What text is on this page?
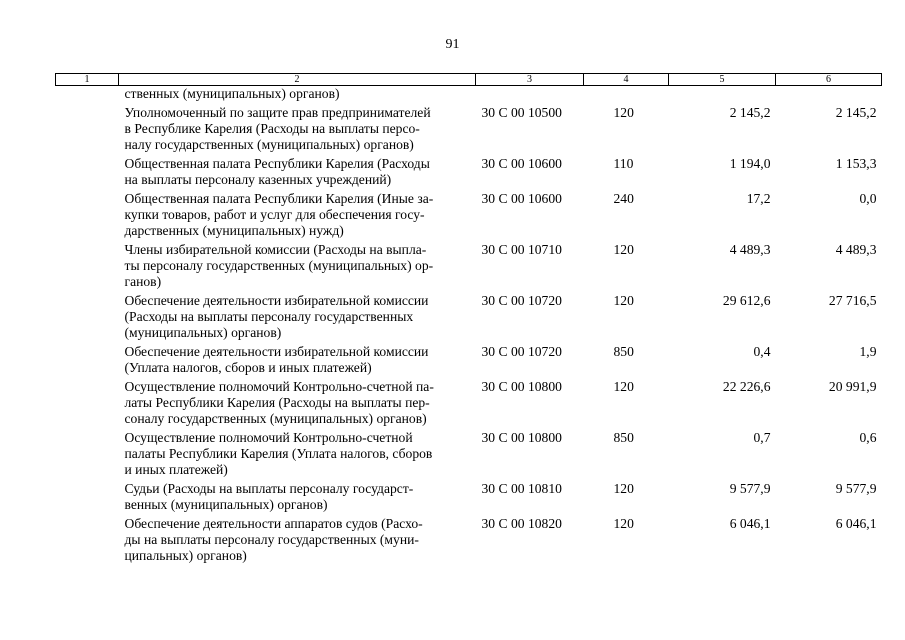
91
1	2	3	4	5	6
	ственных (муниципальных) органов)				
	Уполномоченный по защите прав предпринимателей
в Республике Карелия (Расходы на выплаты персо-
налу государственных (муниципальных) органов)	30 С 00 10500	120	2 145,2	2 145,2
	Общественная палата Республики Карелия (Расходы
на выплаты персоналу казенных учреждений)	30 С 00 10600	110	1 194,0	1 153,3
	Общественная палата Республики Карелия (Иные за-
купки товаров, работ и услуг для обеспечения госу-
дарственных (муниципальных) нужд)	30 С 00 10600	240	17,2	0,0
	Члены избирательной комиссии (Расходы на выпла-
ты персоналу государственных (муниципальных) ор-
ганов)	30 С 00 10710	120	4 489,3	4 489,3
	Обеспечение деятельности избирательной комиссии
(Расходы на выплаты персоналу государственных
(муниципальных) органов)	30 С 00 10720	120	29 612,6	27 716,5
	Обеспечение деятельности избирательной комиссии
(Уплата налогов, сборов и иных платежей)	30 С 00 10720	850	0,4	1,9
	Осуществление полномочий Контрольно-счетной па-
латы Республики Карелия (Расходы на выплаты пер-
соналу государственных (муниципальных) органов)	30 С 00 10800	120	22 226,6	20 991,9
	Осуществление полномочий Контрольно-счетной
палаты Республики Карелия (Уплата налогов, сборов
и иных платежей)	30 С 00 10800	850	0,7	0,6
	Судьи (Расходы на выплаты персоналу государст-
венных (муниципальных) органов)	30 С 00 10810	120	9 577,9	9 577,9
	Обеспечение деятельности аппаратов судов (Расхо-
ды на выплаты персоналу государственных (муни-
ципальных) органов)	30 С 00 10820	120	6 046,1	6 046,1
